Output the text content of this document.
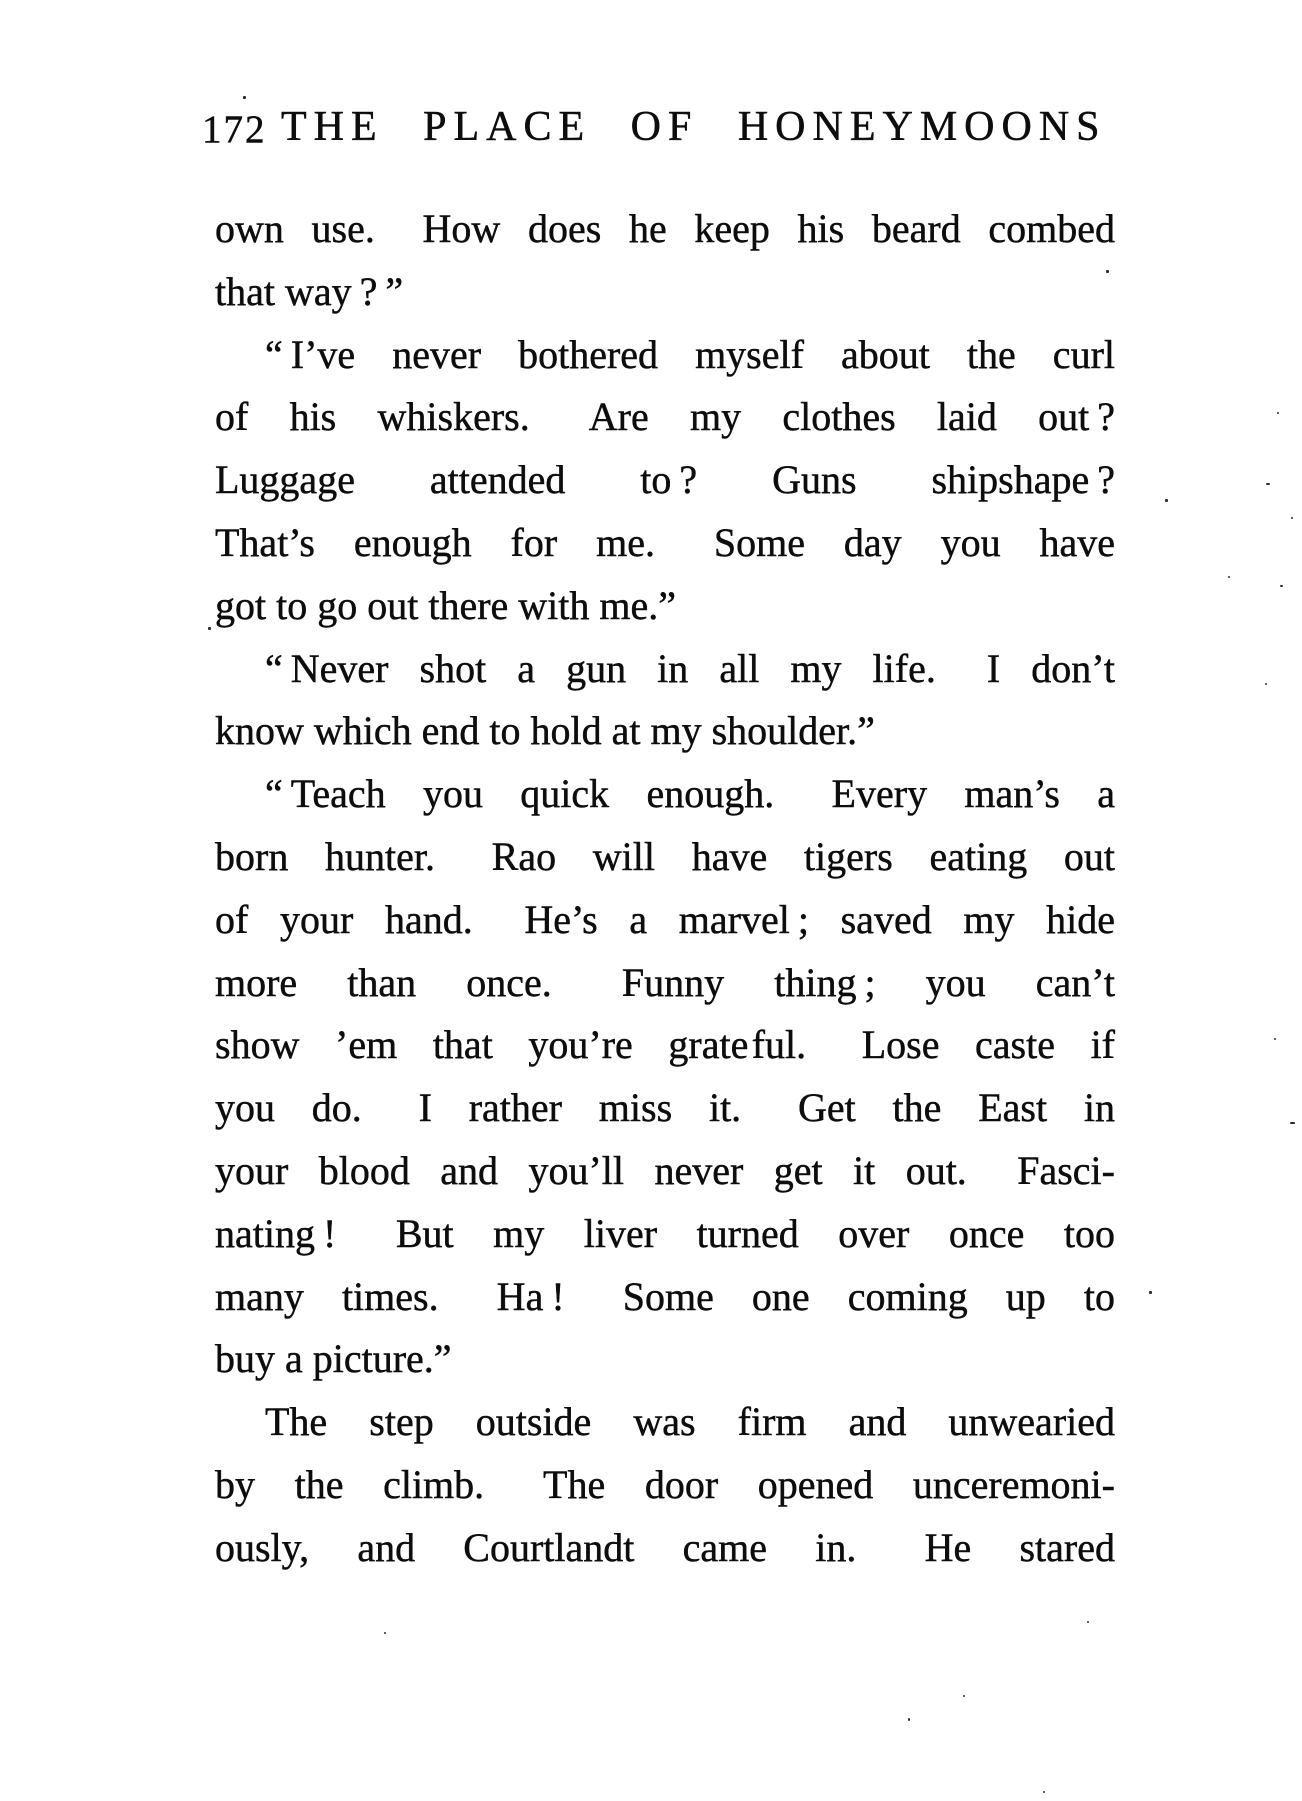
172 THE PLACE OF HONEYMOONS
own use.  How does he keep his beard combed
that way ? ”
“ I’ve never bothered myself about the curl
of his whiskers.  Are my clothes laid out ?
Luggage attended to ? Guns shipshape ?
That’s enough for me.  Some day you have
got to go out there with me.”
“ Never shot a gun in all my life.  I don’t
know which end to hold at my shoulder.”
“ Teach you quick enough.  Every man’s a
born hunter.  Rao will have tigers eating out
of your hand.  He’s a marvel ; saved my hide
more than once.  Funny thing ; you can’t
show ’em that you’re grate ful.  Lose caste if
you do.  I rather miss it.  Get the East in
your blood and you’ll never get it out.  Fasci-
nating !  But my liver turned over once too
many times.  Ha !  Some one coming up to
buy a picture.”
The step outside was firm and unwearied
by the climb.  The door opened unceremoni-
ously, and Courtlandt came in.  He stared
